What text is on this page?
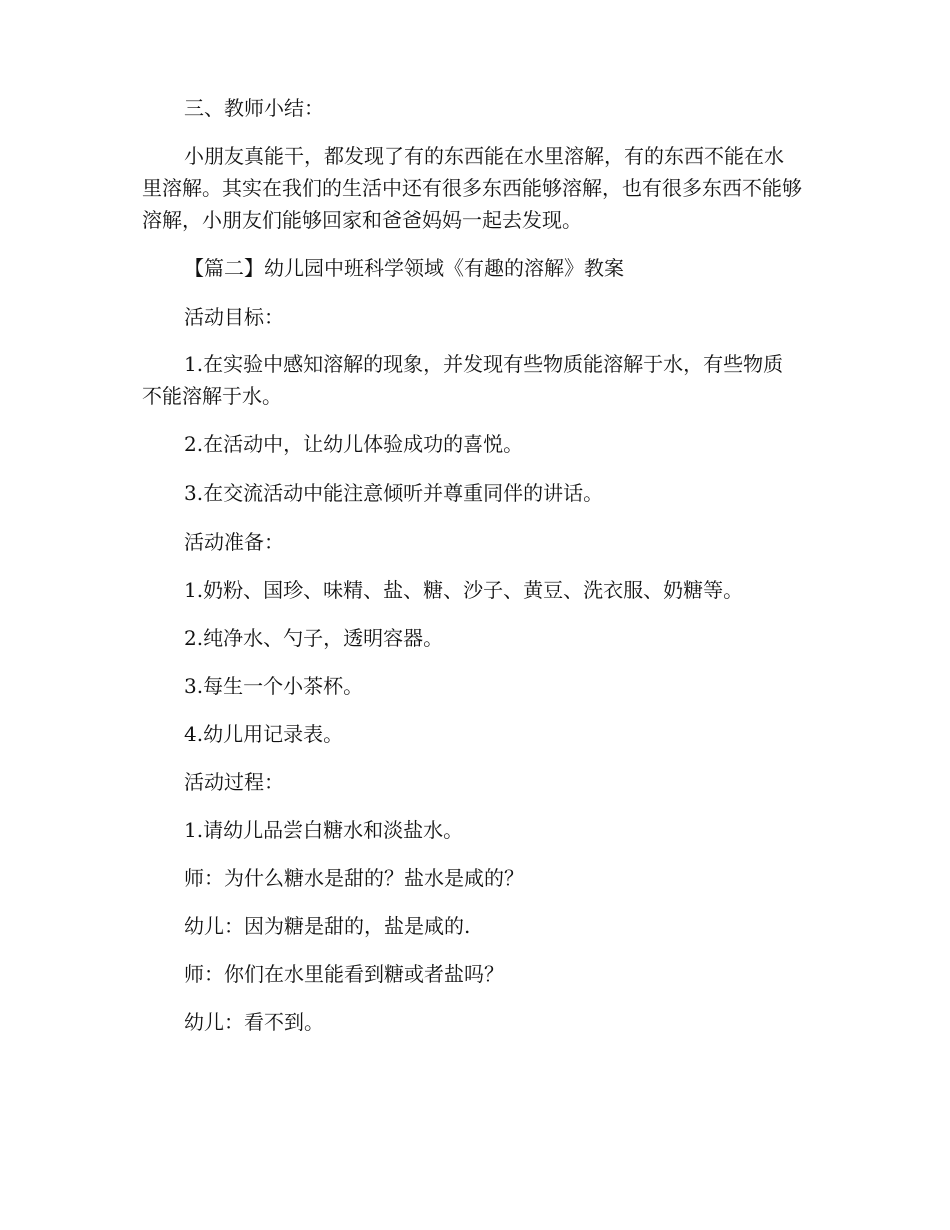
三、教师小结：

小朋友真能干，都发现了有的东西能在水里溶解，有的东西不能在水里溶解。其实在我们的生活中还有很多东西能够溶解，也有很多东西不能够溶解，小朋友们能够回家和爸爸妈妈一起去发现。

【篇二】幼儿园中班科学领域《有趣的溶解》教案

活动目标：

1.在实验中感知溶解的现象，并发现有些物质能溶解于水，有些物质不能溶解于水。

2.在活动中，让幼儿体验成功的喜悦。

3.在交流活动中能注意倾听并尊重同伴的讲话。

活动准备：

1.奶粉、国珍、味精、盐、糖、沙子、黄豆、洗衣服、奶糖等。

2.纯净水、勺子，透明容器。

3.每生一个小茶杯。

4.幼儿用记录表。

活动过程：

1.请幼儿品尝白糖水和淡盐水。

师：为什么糖水是甜的？盐水是咸的？

幼儿：因为糖是甜的，盐是咸的.

师：你们在水里能看到糖或者盐吗？

幼儿：看不到。
